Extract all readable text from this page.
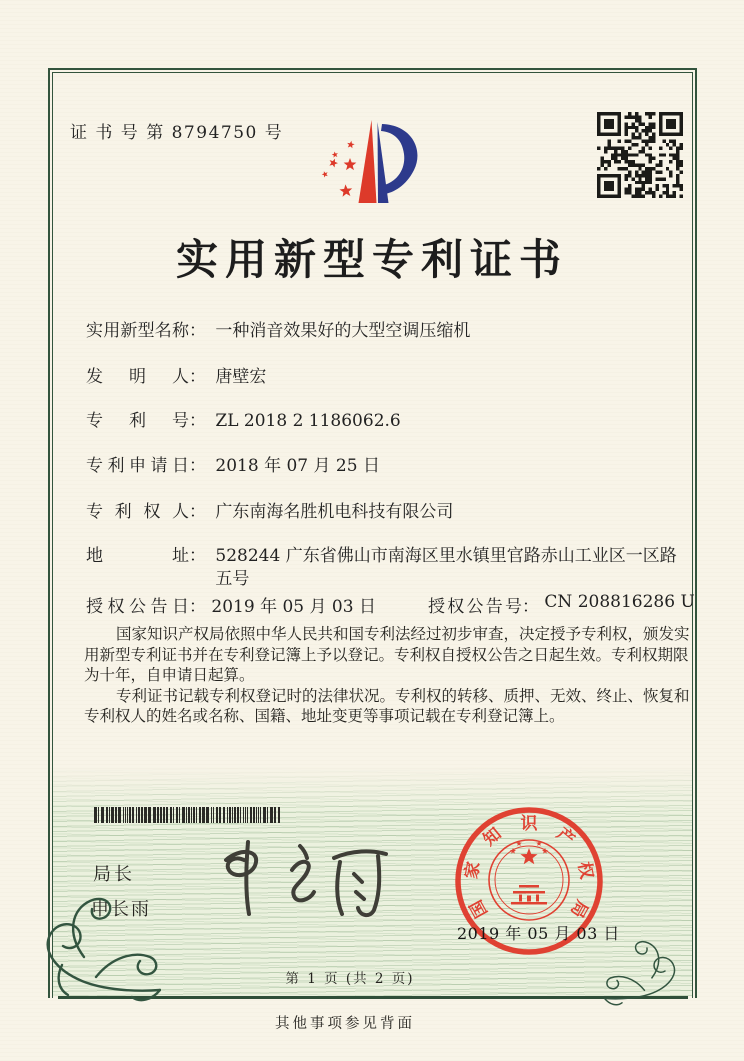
证 书 号 第 8794750 号
实用新型专利证书
实用新型名称： 一种消音效果好的大型空调压缩机
发明人： 唐壁宏
专利号： ZL 2018 2 1186062.6
专利申请日： 2018 年 07 月 25 日
专利权人： 广东南海名胜机电科技有限公司
地址： 528244 广东省佛山市南海区里水镇里官路赤山工业区一区路五号
授权公告日： 2019 年 05 月 03 日	授权公告号： CN 208816286 U

国家知识产权局依照中华人民共和国专利法经过初步审查，决定授予专利权，颁发实用新型专利证书并在专利登记簿上予以登记。专利权自授权公告之日起生效。专利权期限为十年，自申请日起算。

专利证书记载专利权登记时的法律状况。专利权的转移、质押、无效、终止、恢复和专利权人的姓名或名称、国籍、地址变更等事项记载在专利登记簿上。

局长
申长雨	国
家
知 识 产
权
局
2019 年 05 月 03 日
第 1 页 (共 2 页)
其他事项参见背面
